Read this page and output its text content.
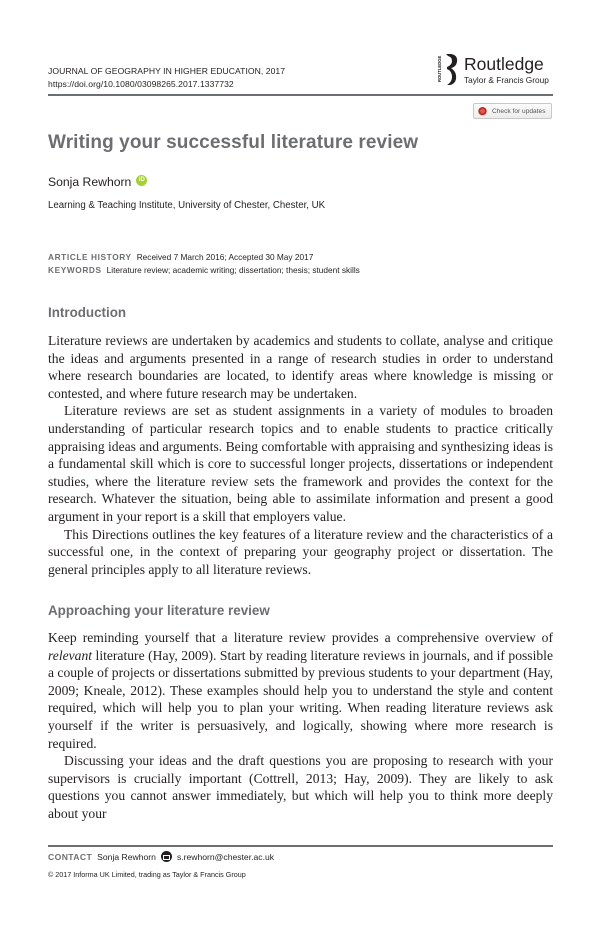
JOURNAL OF GEOGRAPHY IN HIGHER EDUCATION, 2017
https://doi.org/10.1080/03098265.2017.1337732
ROUTLEDGE Routledge
Taylor & Francis Group
Check for updates
Writing your successful literature review
Sonja Rewhorn
iD
Learning & Teaching Institute, University of Chester, Chester, UK
ARTICLE HISTORY Received 7 March 2016; Accepted 30 May 2017
KEYWORDS Literature review; academic writing; dissertation; thesis; student skills
Introduction

Literature reviews are undertaken by academics and students to collate, analyse and critique the ideas and arguments presented in a range of research studies in order to understand where research boundaries are located, to identify areas where knowledge is missing or contested, and where future research may be undertaken.

Literature reviews are set as student assignments in a variety of modules to broaden understanding of particular research topics and to enable students to practice critically appraising ideas and arguments. Being comfortable with appraising and synthesizing ideas is a fundamental skill which is core to successful longer projects, dissertations or independent studies, where the literature review sets the framework and provides the context for the research. Whatever the situation, being able to assimilate information and present a good argument in your report is a skill that employers value.

This Directions outlines the key features of a literature review and the characteristics of a successful one, in the context of preparing your geography project or dissertation. The general principles apply to all literature reviews.

Approaching your literature review

Keep reminding yourself that a literature review provides a comprehensive overview of relevant literature (Hay, 2009). Start by reading literature reviews in journals, and if possible a couple of projects or dissertations submitted by previous students to your department (Hay, 2009; Kneale, 2012). These examples should help you to understand the style and content required, which will help you to plan your writing. When reading literature reviews ask yourself if the writer is persuasively, and logically, showing where more research is required.

Discussing your ideas and the draft questions you are proposing to research with your supervisors is crucially important (Cottrell, 2013; Hay, 2009). They are likely to ask questions you cannot answer immediately, but which will help you to think more deeply about your

CONTACT Sonja Rewhorn s.rewhorn@chester.ac.uk
© 2017 Informa UK Limited, trading as Taylor & Francis Group
